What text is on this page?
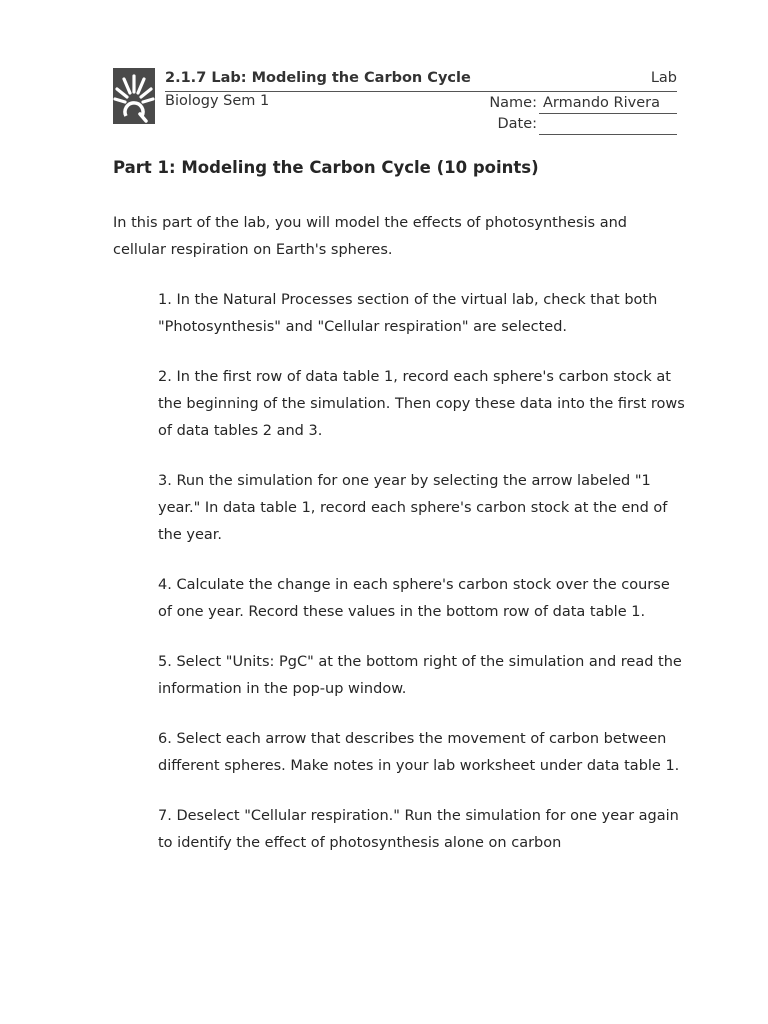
2.1.7 Lab: Modeling the Carbon Cycle	Lab
Biology Sem 1	Name: Armando Rivera
Date:
Part 1: Modeling the Carbon Cycle (10 points)

In this part of the lab, you will model the effects of photosynthesis and cellular respiration on Earth's spheres.

1. In the Natural Processes section of the virtual lab, check that both "Photosynthesis" and "Cellular respiration" are selected.
2. In the first row of data table 1, record each sphere's carbon stock at the beginning of the simulation. Then copy these data into the first rows of data tables 2 and 3.
3. Run the simulation for one year by selecting the arrow labeled "1 year." In data table 1, record each sphere's carbon stock at the end of the year.
4. Calculate the change in each sphere's carbon stock over the course of one year. Record these values in the bottom row of data table 1.
5. Select "Units: PgC" at the bottom right of the simulation and read the information in the pop-up window.
6. Select each arrow that describes the movement of carbon between different spheres. Make notes in your lab worksheet under data table 1.
7. Deselect "Cellular respiration." Run the simulation for one year again to identify the effect of photosynthesis alone on carbon
